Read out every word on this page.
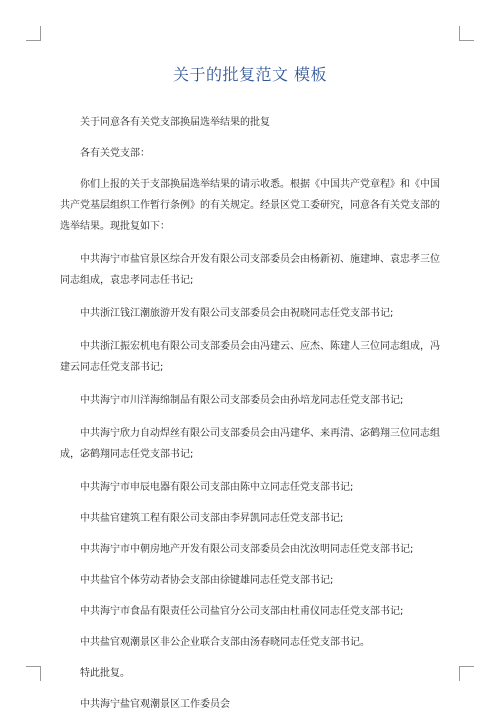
关于的批复范文 模板

关于同意各有关党支部换届选举结果的批复

各有关党支部：

你们上报的关于支部换届选举结果的请示收悉。根据《中国共产党章程》和《中国共产党基层组织工作暂行条例》的有关规定。经景区党工委研究，同意各有关党支部的选举结果。现批复如下：

中共海宁市盐官景区综合开发有限公司支部委员会由杨新初、施建坤、袁忠孝三位同志组成，袁忠孝同志任书记;

中共浙江钱江潮旅游开发有限公司支部委员会由祝晓同志任党支部书记;

中共浙江振宏机电有限公司支部委员会由冯建云、应杰、陈建人三位同志组成，冯建云同志任党支部书记;

中共海宁市川洋海绵制品有限公司支部委员会由孙培龙同志任党支部书记;

中共海宁欣力自动焊丝有限公司支部委员会由冯建华、来再清、宓鹤翔三位同志组成，宓鹤翔同志任党支部书记;

中共海宁市申辰电器有限公司支部由陈中立同志任党支部书记;

中共盐官建筑工程有限公司支部由李昇凯同志任党支部书记;

中共海宁市中朝房地产开发有限公司支部委员会由沈汝明同志任党支部书记;

中共盐官个体劳动者协会支部由徐键雄同志任党支部书记;

中共海宁市食品有限责任公司盐官分公司支部由杜甫仪同志任党支部书记;

中共盐官观潮景区非公企业联合支部由汤春晓同志任党支部书记。

特此批复。

中共海宁盐官观潮景区工作委员会
